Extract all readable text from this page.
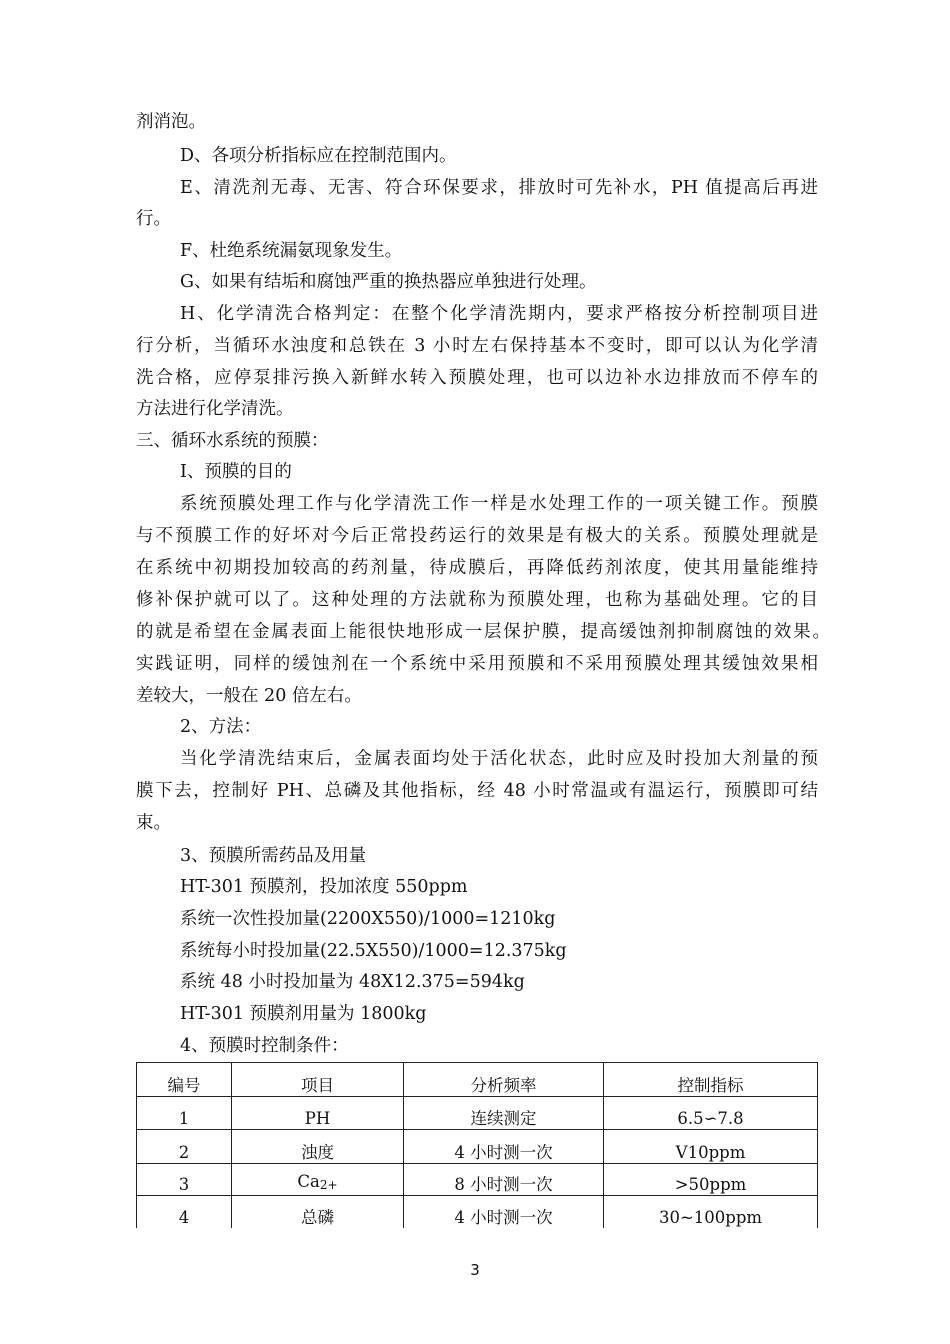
剂消泡。
D、各项分析指标应在控制范围内。
E、清洗剂无毒、无害、符合环保要求，排放时可先补水，PH 值提高后再进
行。
F、杜绝系统漏氨现象发生。
G、如果有结垢和腐蚀严重的换热器应单独进行处理。
H、化学清洗合格判定：在整个化学清洗期内，要求严格按分析控制项目进
行分析，当循环水浊度和总铁在 3 小时左右保持基本不变时，即可以认为化学清
洗合格，应停泵排污换入新鲜水转入预膜处理，也可以边补水边排放而不停车的
方法进行化学清洗。
三、循环水系统的预膜：
I、预膜的目的
系统预膜处理工作与化学清洗工作一样是水处理工作的一项关键工作。预膜
与不预膜工作的好坏对今后正常投药运行的效果是有极大的关系。预膜处理就是
在系统中初期投加较高的药剂量，待成膜后，再降低药剂浓度，使其用量能维持
修补保护就可以了。这种处理的方法就称为预膜处理，也称为基础处理。它的目
的就是希望在金属表面上能很快地形成一层保护膜，提高缓蚀剂抑制腐蚀的效果。
实践证明，同样的缓蚀剂在一个系统中采用预膜和不采用预膜处理其缓蚀效果相
差较大，一般在 20 倍左右。
2、方法：
当化学清洗结束后，金属表面均处于活化状态，此时应及时投加大剂量的预
膜下去，控制好 PH、总磷及其他指标，经 48 小时常温或有温运行，预膜即可结
束。
3、预膜所需药品及用量
HT-301 预膜剂，投加浓度 550ppm
系统一次性投加量(2200Ⅹ550)/1000=1210kg
系统每小时投加量(22.5Ⅹ550)/1000=12.375kg
系统 48 小时投加量为 48Ⅹ12.375=594kg
HT-301 预膜剂用量为 1800kg
4、预膜时控制条件：
编号	项目	分析频率	控制指标
1	PH	连续测定	6.5∽7.8
2	浊度	4 小时测一次	Ⅴ10ppm
3	Ca2+	8 小时测一次	>50ppm
4	总磷	4 小时测一次	30~100ppm
3
